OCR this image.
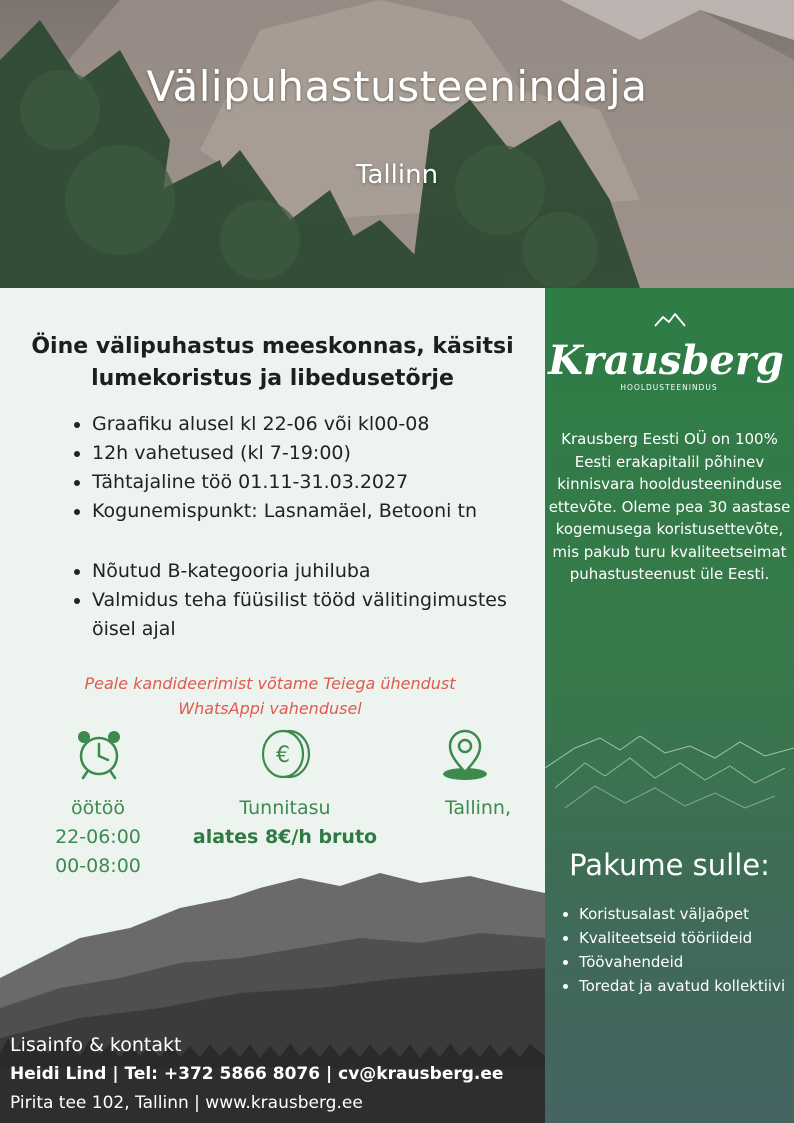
Välipuhastusteenindaja
Tallinn
Öine välipuhastus meeskonnas, käsitsi lumekoristus ja libedusetõrje
• Graafiku alusel kl 22-06 või kl00-08
• 12h vahetused (kl 7-19:00)
• Tähtajaline töö 01.11-31.03.2027
• Kogunemispunkt: Lasnamäel, Betooni tn
• Nõutud B-kategooria juhiluba
• Valmidus teha füüsilist tööd välitingimustes öisel ajal
Peale kandideerimist võtame Teiega ühendust WhatsAppi vahendusel
€
öötöö
22-06:00
00-08:00
Tunnitasu
alates 8€/h bruto
Tallinn,
Lisainfo & kontakt
Heidi Lind | Tel: +372 5866 8076 | cv@krausberg.ee
Pirita tee 102, Tallinn | www.krausberg.ee
Krausberg
HOOLDUSTEENINDUS
Krausberg Eesti OÜ on 100% Eesti erakapitalil põhinev kinnisvara hooldusteeninduse ettevõte. Oleme pea 30 aastase kogemusega koristusettevõte, mis pakub turu kvaliteetseimat puhastusteenust üle Eesti.
Pakume sulle:
• Koristusalast väljaõpet
• Kvaliteetseid tööriideid
• Töövahendeid
• Toredat ja avatud kollektiivi
